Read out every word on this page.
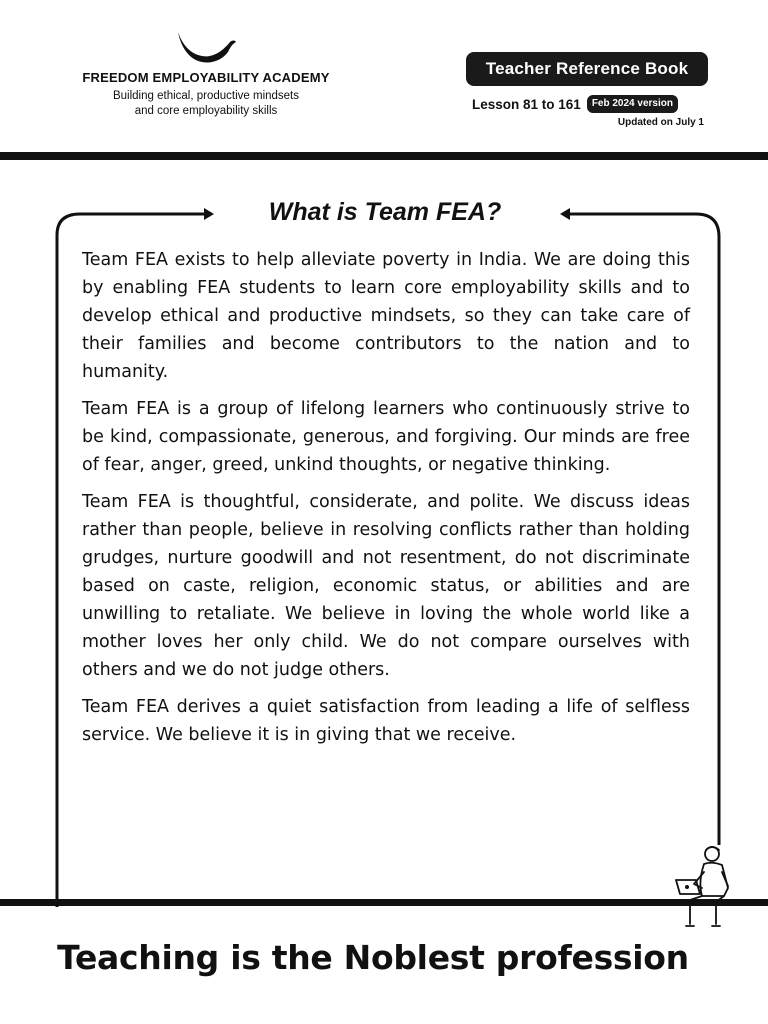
FREEDOM EMPLOYABILITY ACADEMY
Building ethical, productive mindsets
and core employability skills
Teacher Reference Book
Lesson 81 to 161	Feb 2024 version
Updated on July 1
What is Team FEA?

Team FEA exists to help alleviate poverty in India. We are doing this by enabling FEA students to learn core employability skills and to develop ethical and productive mindsets, so they can take care of their families and become contributors to the nation and to humanity.

Team FEA is a group of lifelong learners who continuously strive to be kind, compassionate, generous, and forgiving. Our minds are free of fear, anger, greed, unkind thoughts, or negative thinking.

Team FEA is thoughtful, considerate, and polite. We discuss ideas rather than people, believe in resolving conflicts rather than holding grudges, nurture goodwill and not resentment, do not discriminate based on caste, religion, economic status, or abilities and are unwilling to retaliate. We believe in loving the whole world like a mother loves her only child. We do not compare ourselves with others and we do not judge others.

Team FEA derives a quiet satisfaction from leading a life of selfless service. We believe it is in giving that we receive.

Teaching is the Noblest profession
